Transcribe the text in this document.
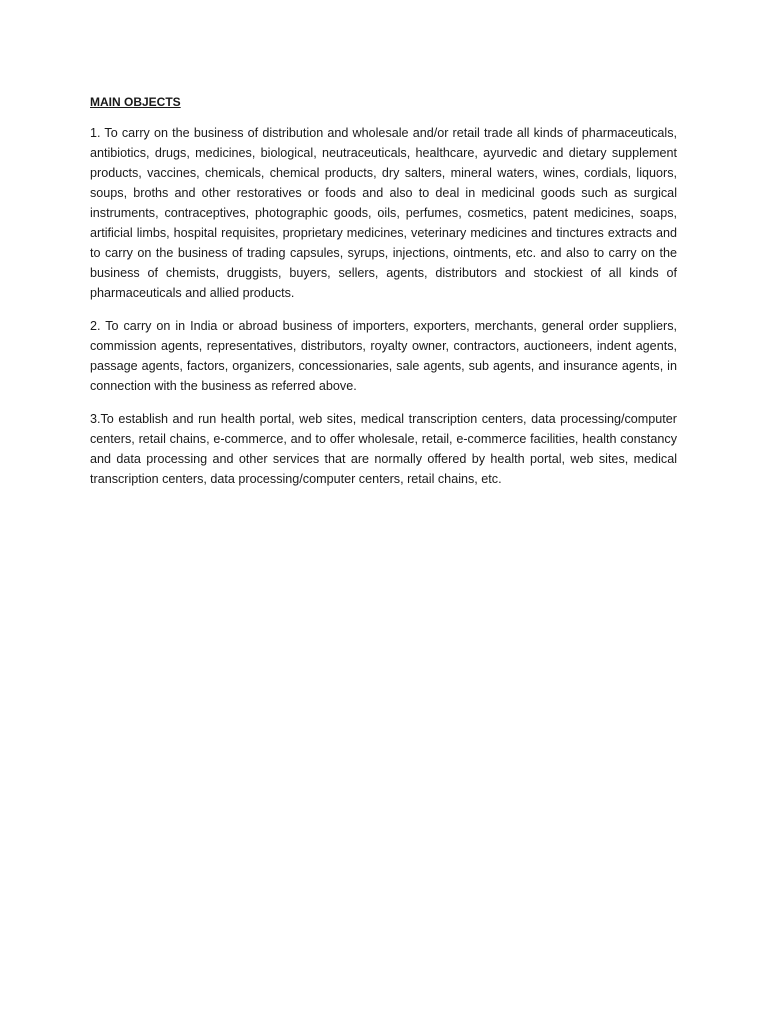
MAIN OBJECTS

1. To carry on the business of distribution and wholesale and/or retail trade all kinds of pharmaceuticals, antibiotics, drugs, medicines, biological, neutraceuticals, healthcare, ayurvedic and dietary supplement products, vaccines, chemicals, chemical products, dry salters, mineral waters, wines, cordials, liquors, soups, broths and other restoratives or foods and also to deal in medicinal goods such as surgical instruments, contraceptives, photographic goods, oils, perfumes, cosmetics, patent medicines, soaps, artificial limbs, hospital requisites, proprietary medicines, veterinary medicines and tinctures extracts and to carry on the business of trading capsules, syrups, injections, ointments, etc. and also to carry on the business of chemists, druggists, buyers, sellers, agents, distributors and stockiest of all kinds of pharmaceuticals and allied products.

2. To carry on in India or abroad business of importers, exporters, merchants, general order suppliers, commission agents, representatives, distributors, royalty owner, contractors, auctioneers, indent agents, passage agents, factors, organizers, concessionaries, sale agents, sub agents, and insurance agents, in connection with the business as referred above.

3.To establish and run health portal, web sites, medical transcription centers, data processing/computer centers, retail chains, e-commerce, and to offer wholesale, retail, e-commerce facilities, health constancy and data processing and other services that are normally offered by health portal, web sites, medical transcription centers, data processing/computer centers, retail chains, etc.
